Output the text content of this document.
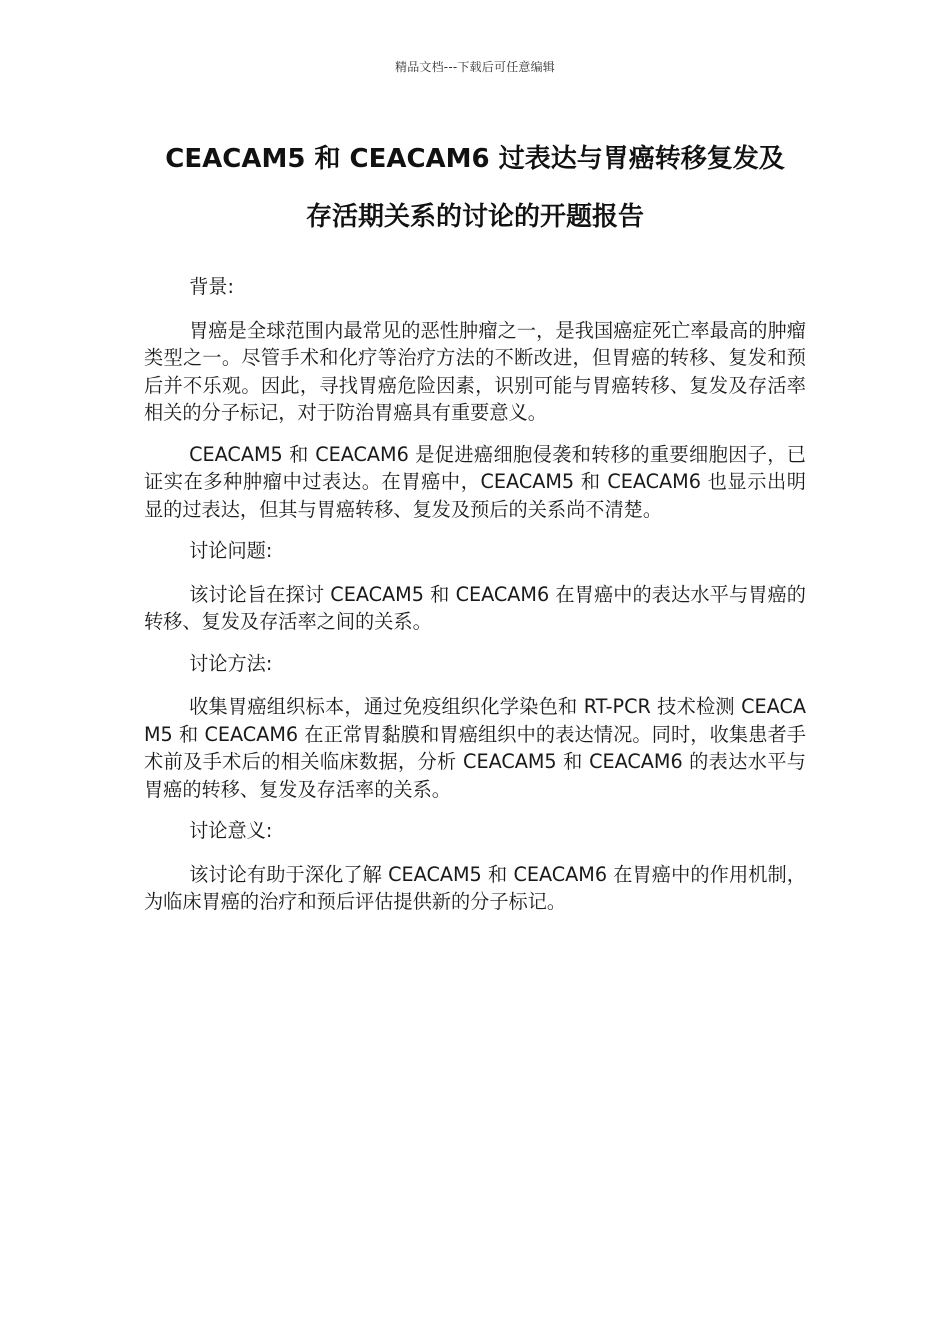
精品文档---下载后可任意编辑
CEACAM5 和 CEACAM6 过表达与胃癌转移复发及
存活期关系的讨论的开题报告

背景:

胃癌是全球范围内最常见的恶性肿瘤之一，是我国癌症死亡率最高的肿瘤类型之一。尽管手术和化疗等治疗方法的不断改进，但胃癌的转移、复发和预后并不乐观。因此，寻找胃癌危险因素，识别可能与胃癌转移、复发及存活率相关的分子标记，对于防治胃癌具有重要意义。

CEACAM5 和 CEACAM6 是促进癌细胞侵袭和转移的重要细胞因子，已证实在多种肿瘤中过表达。在胃癌中，CEACAM5 和 CEACAM6 也显示出明显的过表达，但其与胃癌转移、复发及预后的关系尚不清楚。

讨论问题:

该讨论旨在探讨 CEACAM5 和 CEACAM6 在胃癌中的表达水平与胃癌的转移、复发及存活率之间的关系。

讨论方法:

收集胃癌组织标本，通过免疫组织化学染色和 RT-PCR 技术检测 CEACAM5 和 CEACAM6 在正常胃黏膜和胃癌组织中的表达情况。同时，收集患者手术前及手术后的相关临床数据，分析 CEACAM5 和 CEACAM6 的表达水平与胃癌的转移、复发及存活率的关系。

讨论意义:

该讨论有助于深化了解 CEACAM5 和 CEACAM6 在胃癌中的作用机制，为临床胃癌的治疗和预后评估提供新的分子标记。
